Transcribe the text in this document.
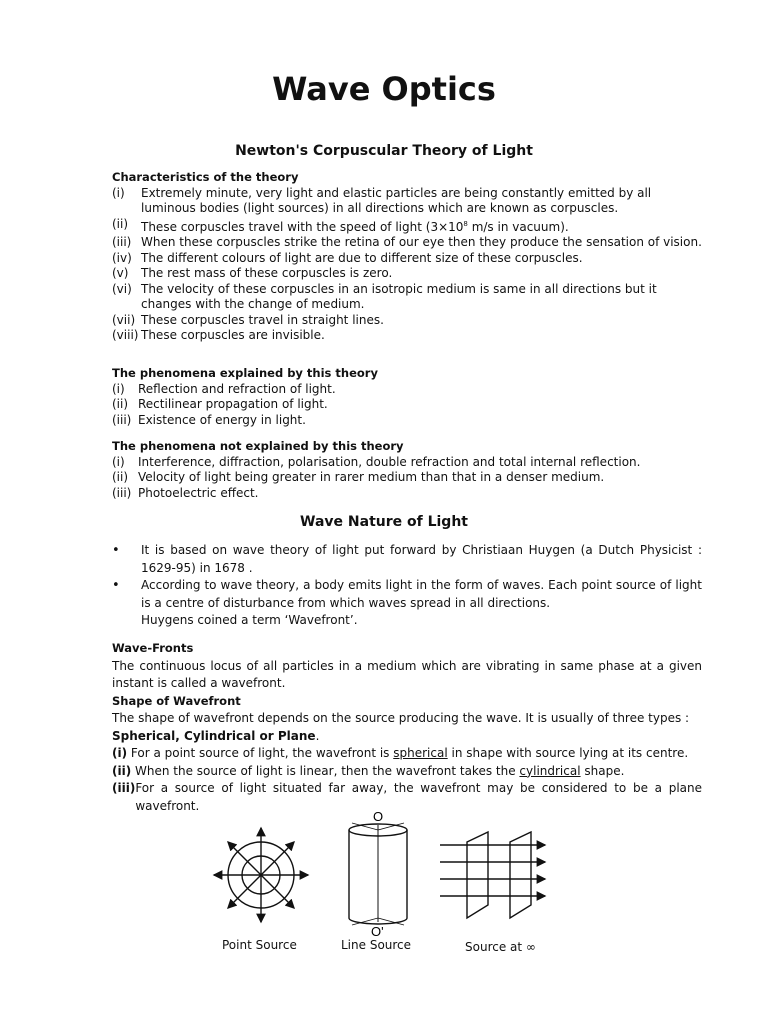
Wave Optics
Newton's Corpuscular Theory of Light
Characteristics of the theory
(i)	Extremely minute, very light and elastic particles are being constantly emitted by all luminous bodies (light sources) in all directions which are known as corpuscles.
(ii)	These corpuscles travel with the speed of light ($3\times 10^8$ m/s in vacuum).
(iii) When these corpuscles strike the retina of our eye then they produce the sensation of vision.
(iv) The different colours of light are due to different size of these corpuscles.
(v)	The rest mass of these corpuscles is zero.
(vi) The velocity of these corpuscles in an isotropic medium is same in all directions but it changes with the change of medium.
(vii) These corpuscles travel in straight lines.
(viii) These corpuscles are invisible.
The phenomena explained by this theory
(i)	Reflection and refraction of light.
(ii) Rectilinear propagation of light.
(iii) Existence of energy in light.
The phenomena not explained by this theory
(i)	Interference, diffraction, polarisation, double refraction and total internal reflection.
(ii) Velocity of light being greater in rarer medium than that in a denser medium.
(iii) Photoelectric effect.
Wave Nature of Light
•	It is based on wave theory of light put forward by Christiaan Huygen (a Dutch Physicist : 1629-95) in 1678 .
•	According to wave theory, a body emits light in the form of waves. Each point source of light is a centre of disturbance from which waves spread in all directions.
Huygens coined a term ‘Wavefront’.
Wave-Fronts
The continuous locus of all particles in a medium which are vibrating in same phase at a given instant is called a wavefront.
Shape of Wavefront
The shape of wavefront depends on the source producing the wave. It is usually of three types :
Spherical, Cylindrical or Plane.
(i) For a point source of light, the wavefront is spherical in shape with source lying at its centre.
(ii) When the source of light is linear, then the wavefront takes the cylindrical shape.
(iii) For a source of light situated far away, the wavefront may be considered to be a plane wavefront.
O
O'
Point Source	Line Source	Source at ∞
